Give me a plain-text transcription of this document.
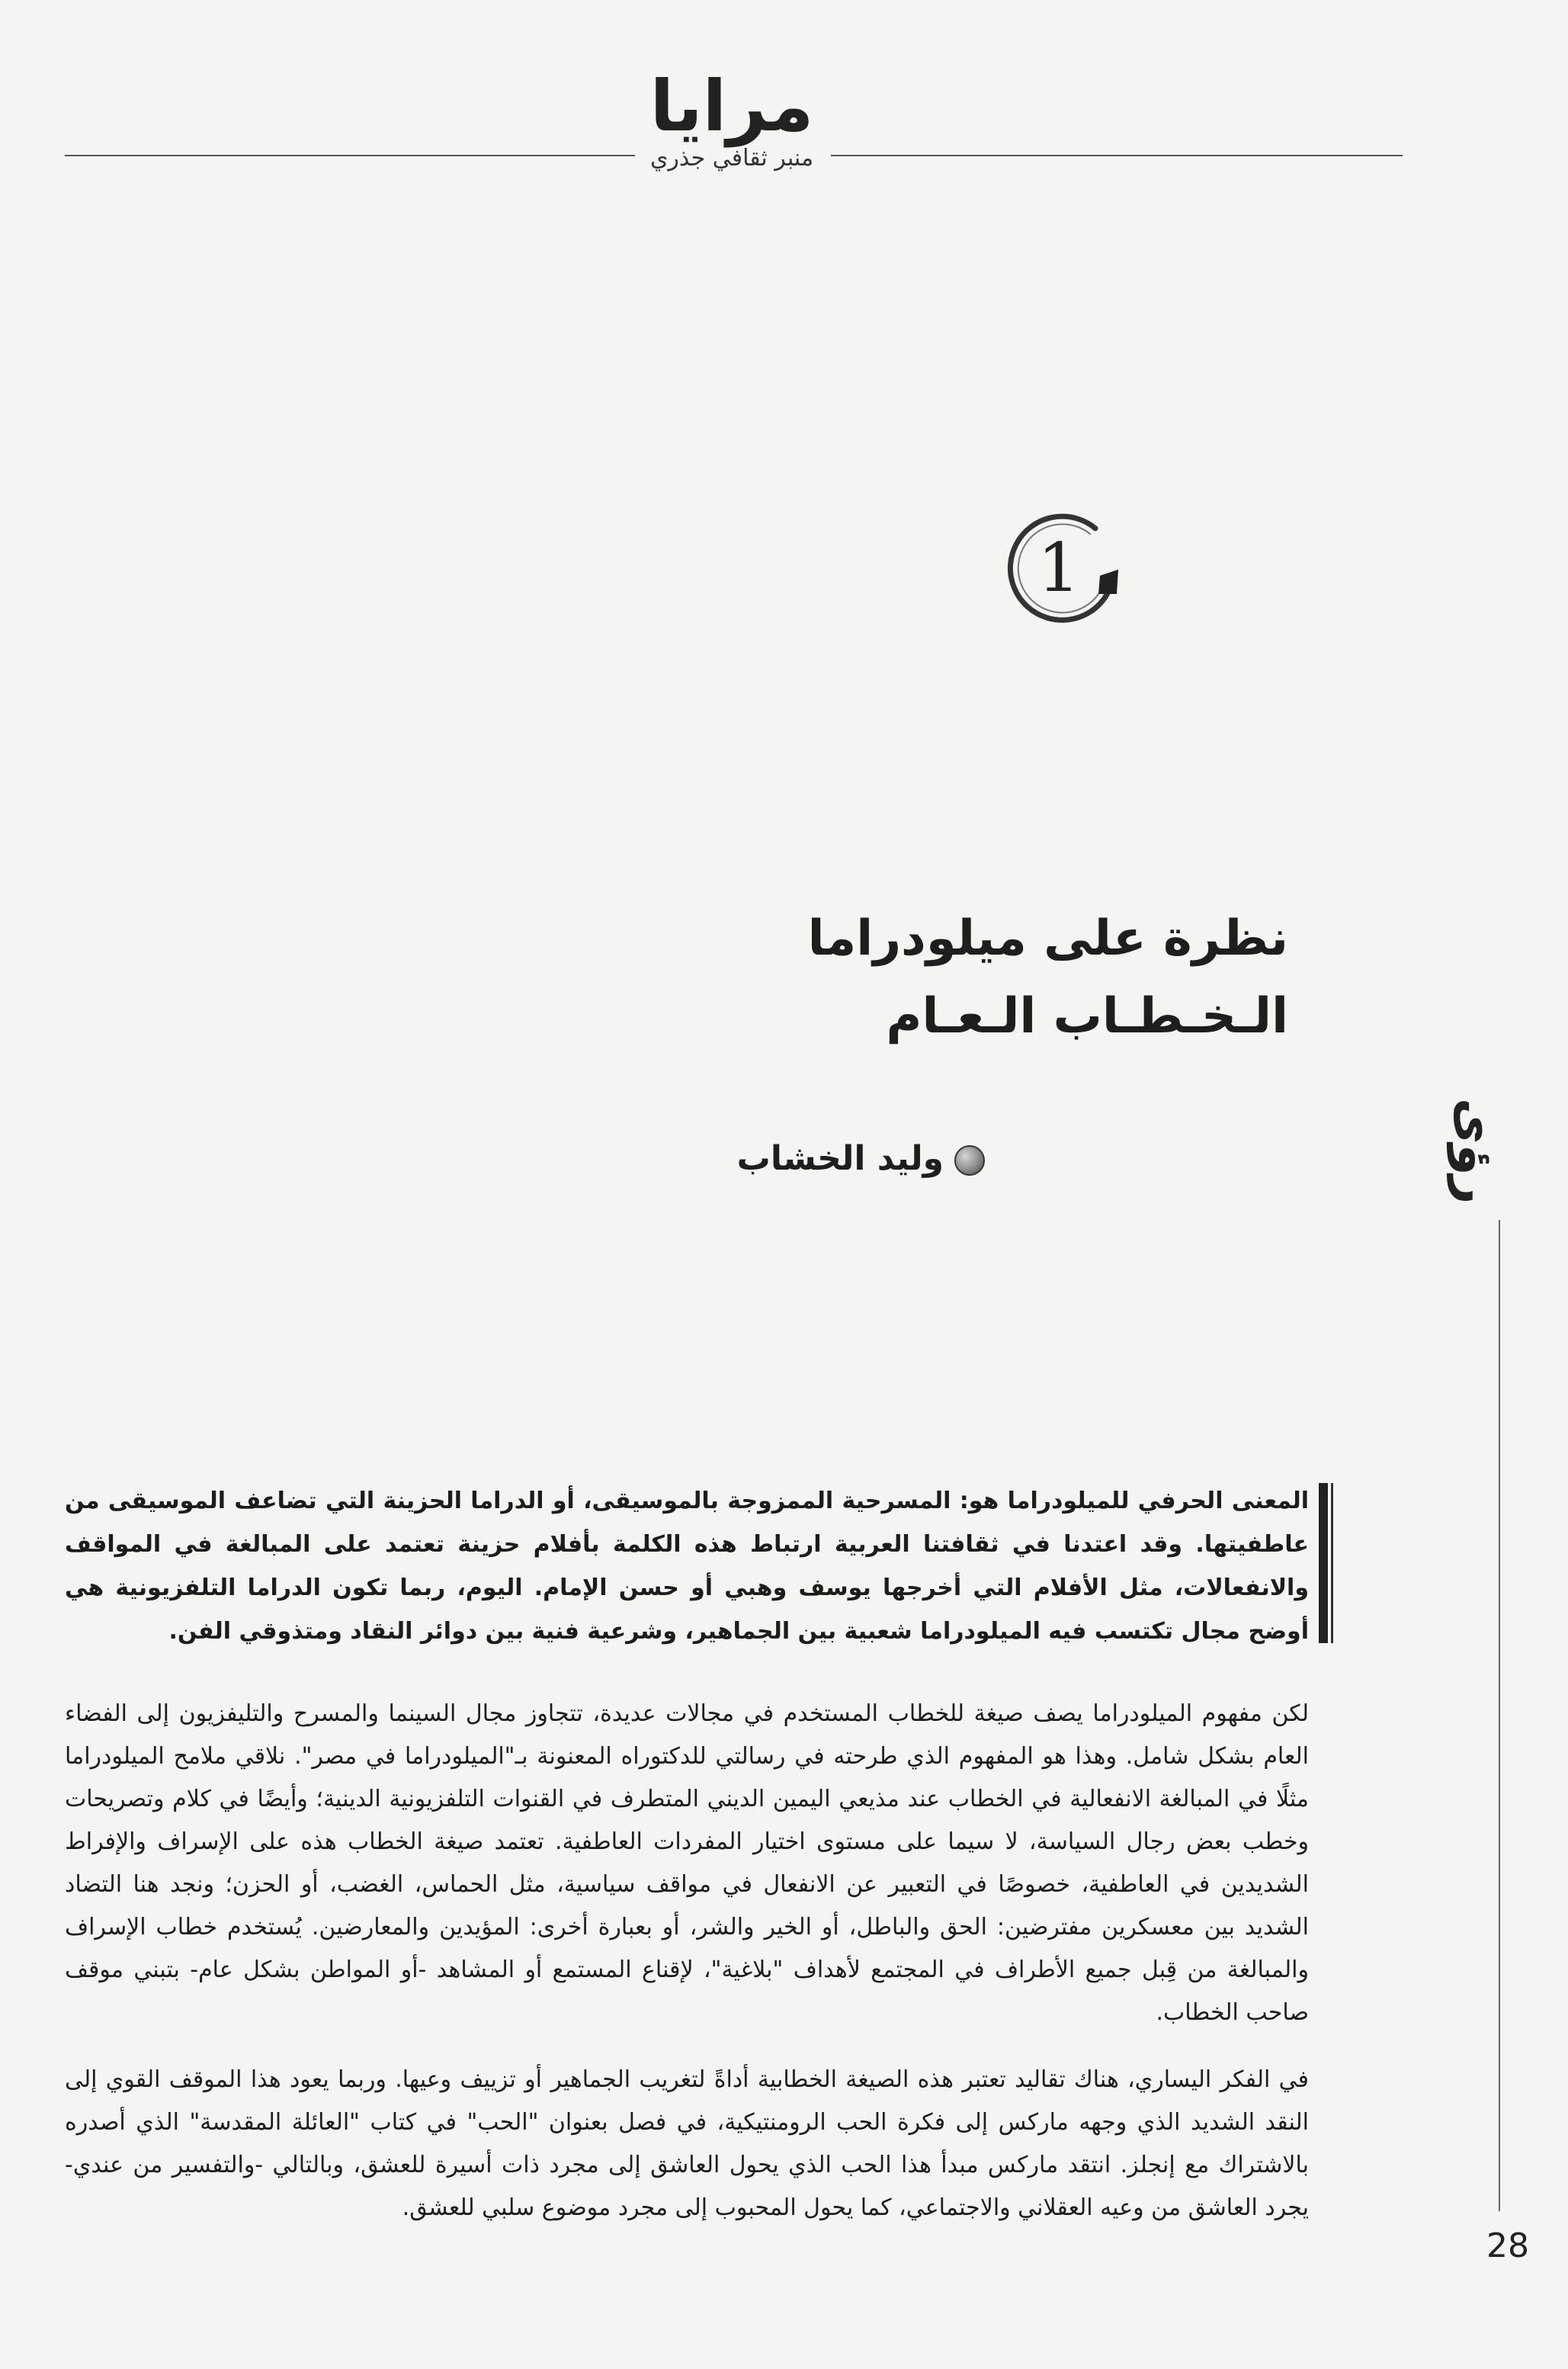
مرايا
منبر ثقافي جذري
1
نظرة على ميلودراما
الـخـطـاب الـعـام
وليد الخشاب	رؤى

المعنى الحرفي للميلودراما هو: المسرحية الممزوجة بالموسيقى، أو الدراما الحزينة التي تضاعف الموسيقى من عاطفيتها. وقد اعتدنا في ثقافتنا العربية ارتباط هذه الكلمة بأفلام حزينة تعتمد على المبالغة في المواقف والانفعالات، مثل الأفلام التي أخرجها يوسف وهبي أو حسن الإمام. اليوم، ربما تكون الدراما التلفزيونية هي أوضح مجال تكتسب فيه الميلودراما شعبية بين الجماهير، وشرعية فنية بين دوائر النقاد ومتذوقي الفن.

لكن مفهوم الميلودراما يصف صيغة للخطاب المستخدم في مجالات عديدة، تتجاوز مجال السينما والمسرح والتليفزيون إلى الفضاء العام بشكل شامل. وهذا هو المفهوم الذي طرحته في رسالتي للدكتوراه المعنونة بـ"الميلودراما في مصر". نلاقي ملامح الميلودراما مثلًا في المبالغة الانفعالية في الخطاب عند مذيعي اليمين الديني المتطرف في القنوات التلفزيونية الدينية؛ وأيضًا في كلام وتصريحات وخطب بعض رجال السياسة، لا سيما على مستوى اختيار المفردات العاطفية. تعتمد صيغة الخطاب هذه على الإسراف والإفراط الشديدين في العاطفية، خصوصًا في التعبير عن الانفعال في مواقف سياسية، مثل الحماس، الغضب، أو الحزن؛ ونجد هنا التضاد الشديد بين معسكرين مفترضين: الحق والباطل، أو الخير والشر، أو بعبارة أخرى: المؤيدين والمعارضين. يُستخدم خطاب الإسراف والمبالغة من قِبل جميع الأطراف في المجتمع لأهداف "بلاغية"، لإقناع المستمع أو المشاهد -أو المواطن بشكل عام- بتبني موقف صاحب الخطاب.

في الفكر اليساري، هناك تقاليد تعتبر هذه الصيغة الخطابية أداةً لتغريب الجماهير أو تزييف وعيها. وربما يعود هذا الموقف القوي إلى النقد الشديد الذي وجهه ماركس إلى فكرة الحب الرومنتيكية، في فصل بعنوان "الحب" في كتاب "العائلة المقدسة" الذي أصدره بالاشتراك مع إنجلز. انتقد ماركس مبدأ هذا الحب الذي يحول العاشق إلى مجرد ذات أسيرة للعشق، وبالتالي -والتفسير من عندي- يجرد العاشق من وعيه العقلاني والاجتماعي، كما يحول المحبوب إلى مجرد موضوع سلبي للعشق.

28
